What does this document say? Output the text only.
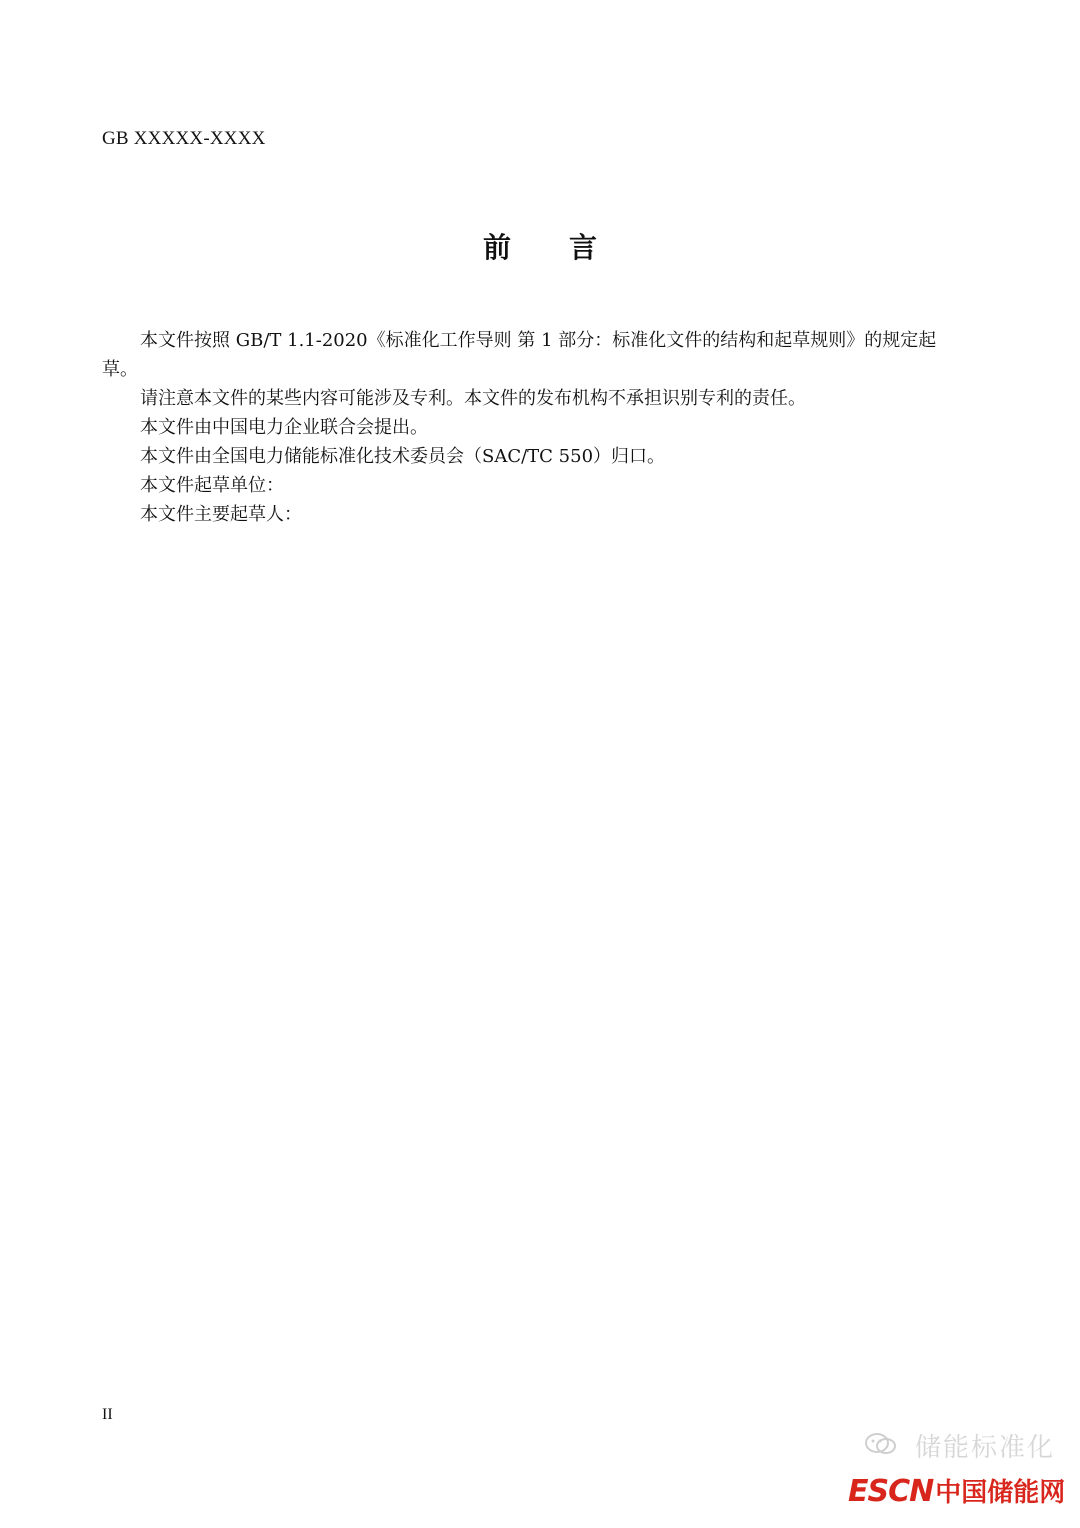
GB XXXXX-XXXX
前 言

本文件按照 GB/T 1.1-2020《标准化工作导则 第 1 部分：标准化文件的结构和起草规则》的规定起草。

请注意本文件的某些内容可能涉及专利。本文件的发布机构不承担识别专利的责任。

本文件由中国电力企业联合会提出。

本文件由全国电力储能标准化技术委员会（SAC/TC 550）归口。

本文件起草单位：

本文件主要起草人：

II
储能标准化
ESCN 中国储能网
